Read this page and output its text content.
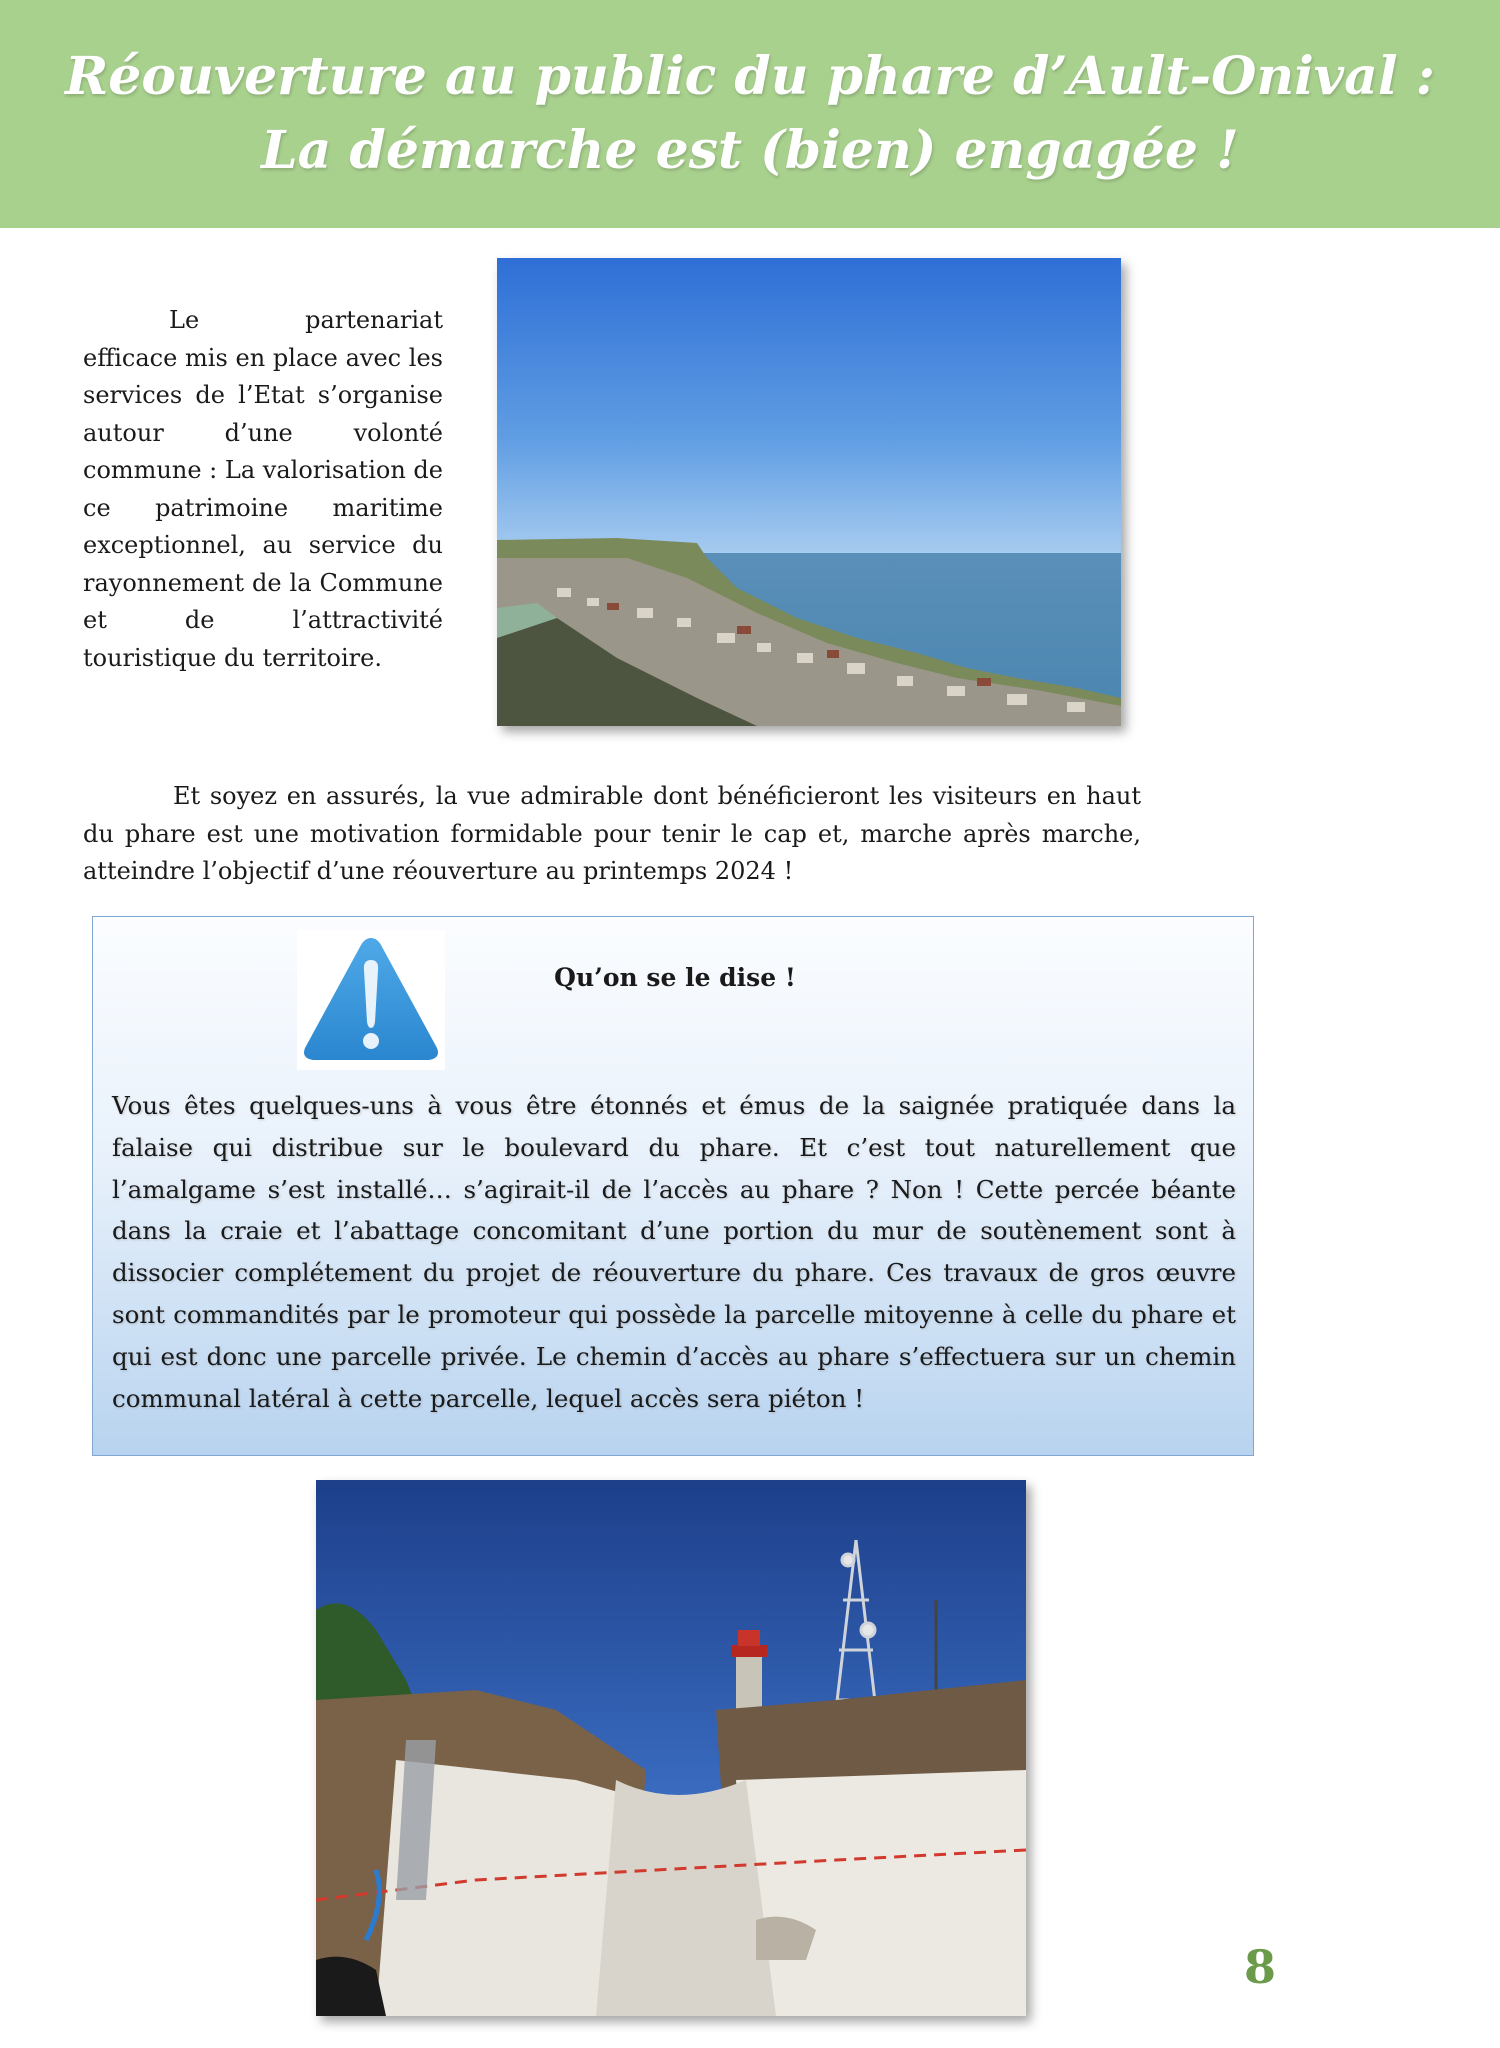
Réouverture au public du phare d’Ault-Onival :
La démarche est (bien) engagée !
Le partenariat efficace mis en place avec les services de l’Etat s’organise autour d’une volonté commune : La valorisation de ce patrimoine maritime exceptionnel, au service du rayonnement de la Commune et de l’attractivité touristique du territoire.
Et soyez en assurés, la vue admirable dont bénéficieront les visiteurs en haut du phare est une motivation formidable pour tenir le cap et, marche après marche, atteindre l’objectif d’une réouverture au printemps 2024 !
Qu’on se le dise !
Vous êtes quelques-uns à vous être étonnés et émus de la saignée pratiquée dans la falaise qui distribue sur le boulevard du phare. Et c’est tout naturellement que l’amalgame s’est installé… s’agirait-il de l’accès au phare ? Non ! Cette percée béante dans la craie et l’abattage concomitant d’une portion du mur de soutènement sont à dissocier complétement du projet de réouverture du phare. Ces travaux de gros œuvre sont commandités par le promoteur qui possède la parcelle mitoyenne à celle du phare et qui est donc une parcelle privée. Le chemin d’accès au phare s’effectuera sur un chemin communal latéral à cette parcelle, lequel accès sera piéton !
8
